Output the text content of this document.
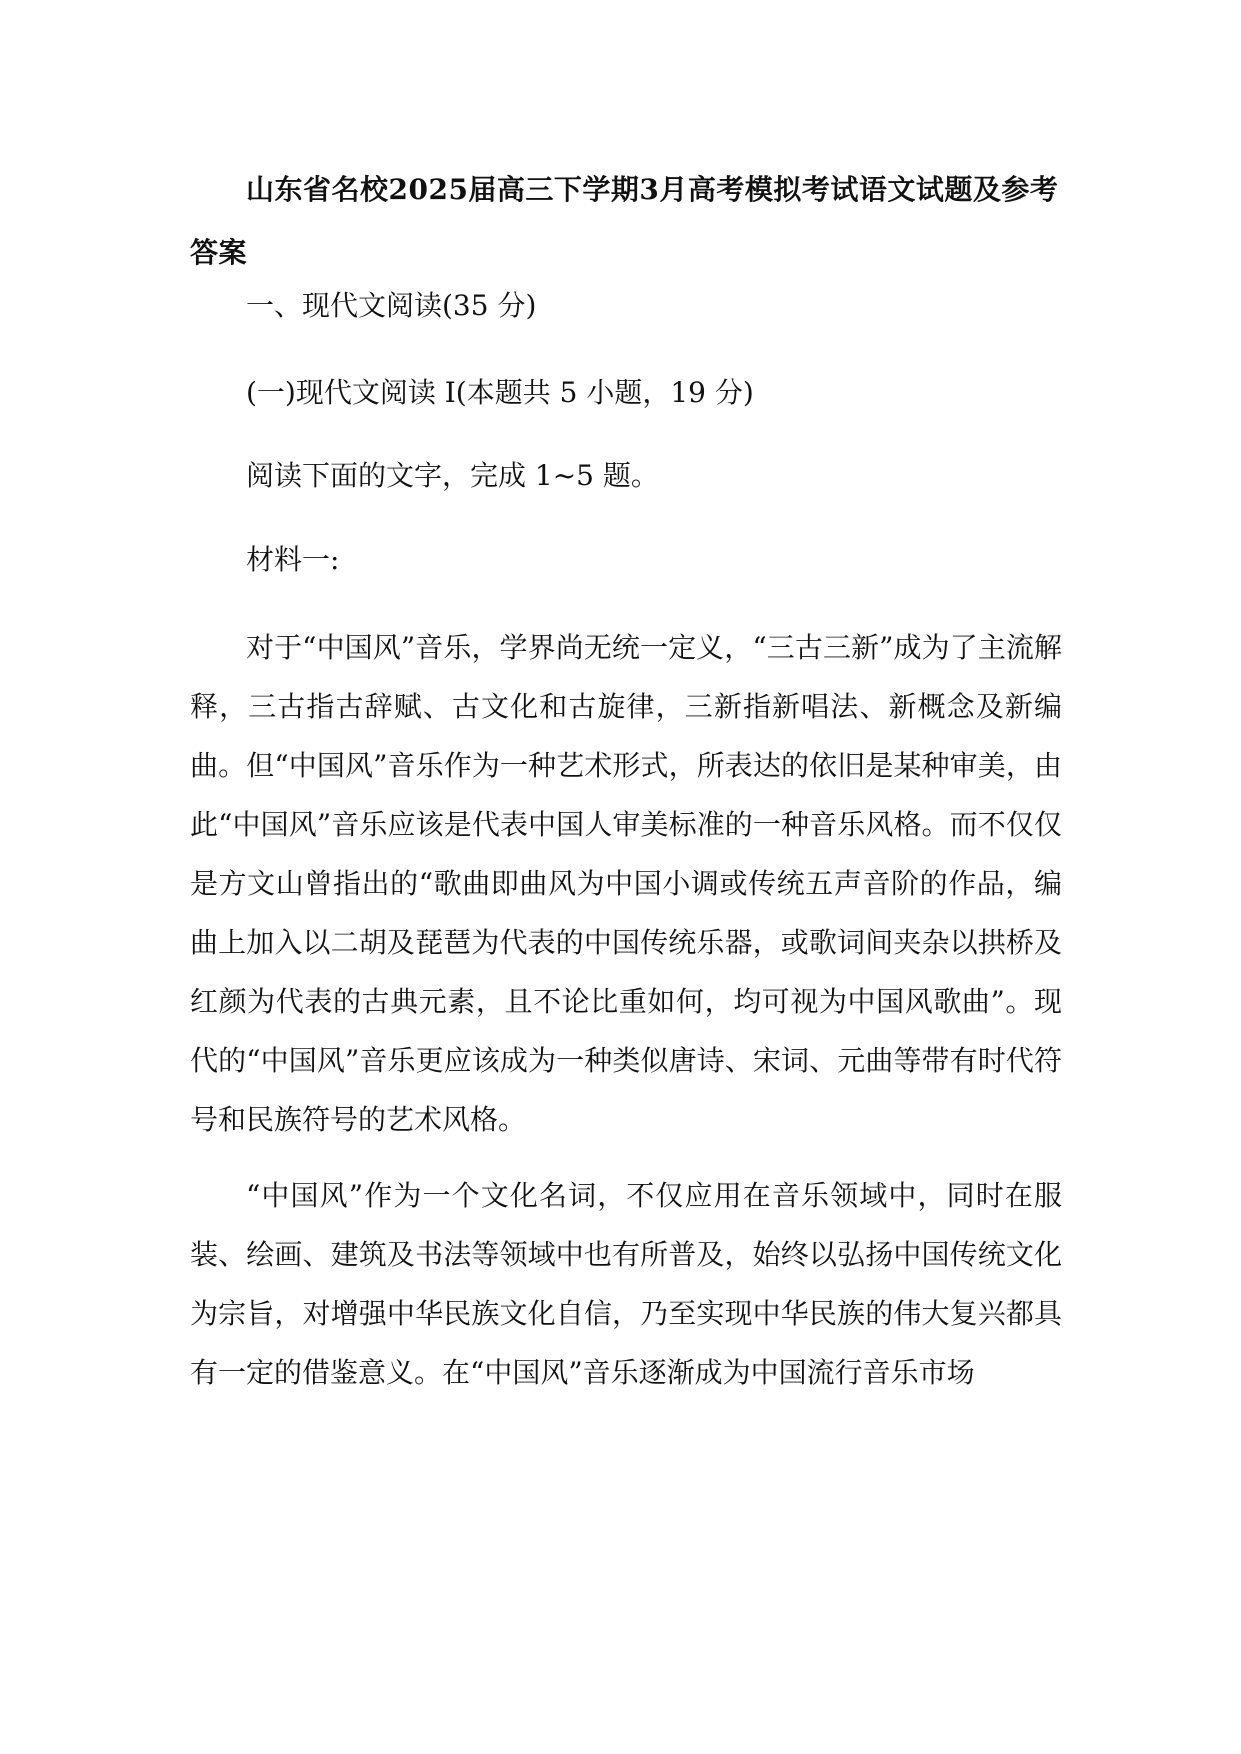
山东省名校2025届高三下学期3月高考模拟考试语文试题及参考答案

一、现代文阅读(35 分)

(一)现代文阅读 I(本题共 5 小题，19 分)

阅读下面的文字，完成 1~5 题。

材料一:

对于“中国风”音乐，学界尚无统一定义，“三古三新”成为了主流解释，三古指古辞赋、古文化和古旋律，三新指新唱法、新概念及新编曲。但“中国风”音乐作为一种艺术形式，所表达的依旧是某种审美，由此“中国风”音乐应该是代表中国人审美标准的一种音乐风格。而不仅仅是方文山曾指出的“歌曲即曲风为中国小调或传统五声音阶的作品，编曲上加入以二胡及琵琶为代表的中国传统乐器，或歌词间夹杂以拱桥及红颜为代表的古典元素，且不论比重如何，均可视为中国风歌曲”。现代的“中国风”音乐更应该成为一种类似唐诗、宋词、元曲等带有时代符号和民族符号的艺术风格。

“中国风”作为一个文化名词，不仅应用在音乐领域中，同时在服装、绘画、建筑及书法等领域中也有所普及，始终以弘扬中国传统文化为宗旨，对增强中华民族文化自信，乃至实现中华民族的伟大复兴都具有一定的借鉴意义。在“中国风”音乐逐渐成为中国流行音乐市场
